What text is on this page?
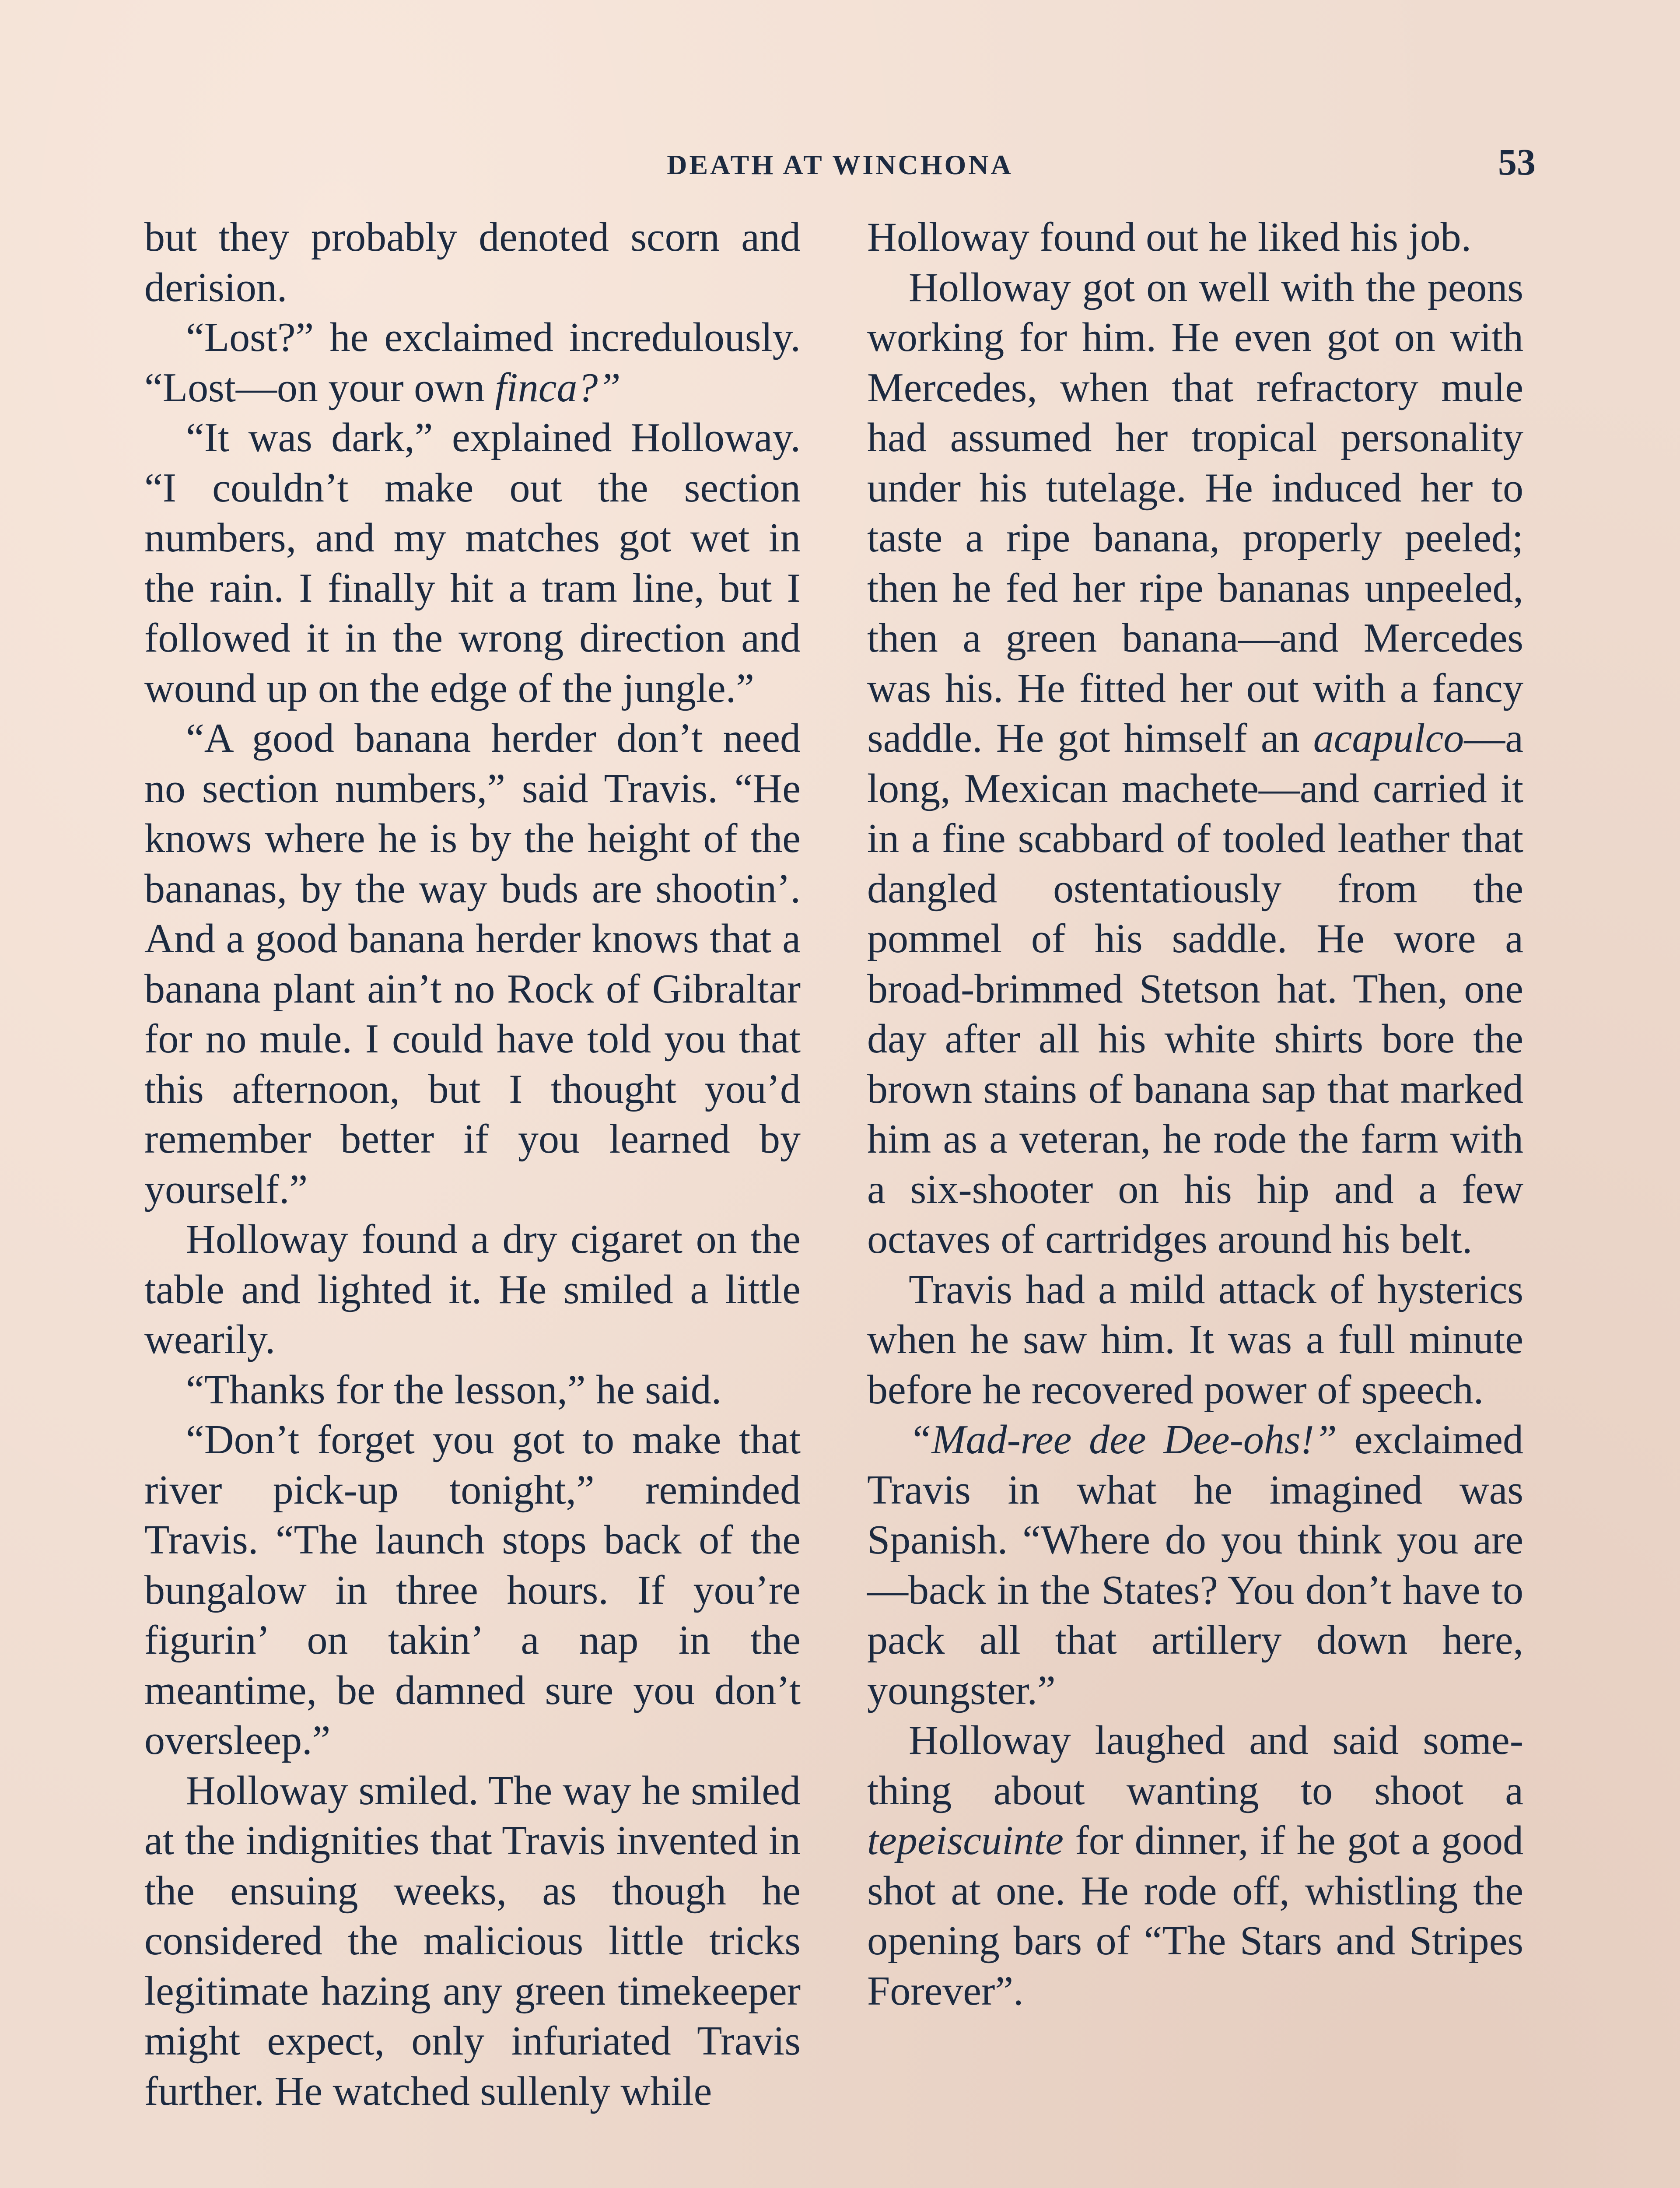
DEATH AT WINCHONA	53

but they probably denoted scorn and derision.

“Lost?” he exclaimed incredulously. “Lost—on your own finca?”

“It was dark,” explained Holloway. “I couldn’t make out the section numbers, and my matches got wet in the rain. I finally hit a tram line, but I followed it in the wrong direction and wound up on the edge of the jungle.”

“A good banana herder don’t need no section numbers,” said Travis. “He knows where he is by the height of the bananas, by the way buds are shootin’. And a good banana herder knows that a banana plant ain’t no Rock of Gibraltar for no mule. I could have told you that this afternoon, but I thought you’d remember better if you learned by yourself.”

Holloway found a dry cigaret on the table and lighted it. He smiled a little wearily.

“Thanks for the lesson,” he said.

“Don’t forget you got to make that river pick-up tonight,” reminded Travis. “The launch stops back of the bungalow in three hours. If you’re figurin’ on takin’ a nap in the meantime, be damned sure you don’t oversleep.”

Holloway smiled. The way he smiled at the indignities that Travis invented in the ensuing weeks, as though he considered the malicious little tricks legitimate hazing any green timekeeper might expect, only infuriated Travis further. He watched sullenly while

Holloway found out he liked his job.

Holloway got on well with the peons working for him. He even got on with Mercedes, when that refractory mule had assumed her tropical personality under his tutelage. He induced her to taste a ripe banana, properly peeled; then he fed her ripe bananas unpeeled, then a green banana—and Mercedes was his. He fitted her out with a fancy saddle. He got himself an acapulco—a long, Mexican machete—and carried it in a fine scabbard of tooled leather that dangled ostentatiously from the pommel of his saddle. He wore a broad-brimmed Stetson hat. Then, one day after all his white shirts bore the brown stains of banana sap that marked him as a veteran, he rode the farm with a six-shooter on his hip and a few octaves of cartridges around his belt.

Travis had a mild attack of hysterics when he saw him. It was a full minute before he recovered power of speech.

“Mad-ree dee Dee-ohs!” exclaimed Travis in what he imagined was Spanish. “Where do you think you are—back in the States? You don’t have to pack all that artillery down here, youngster.”

Holloway laughed and said something about wanting to shoot a tepeiscuinte for dinner, if he got a good shot at one. He rode off, whistling the opening bars of “The Stars and Stripes Forever”.
